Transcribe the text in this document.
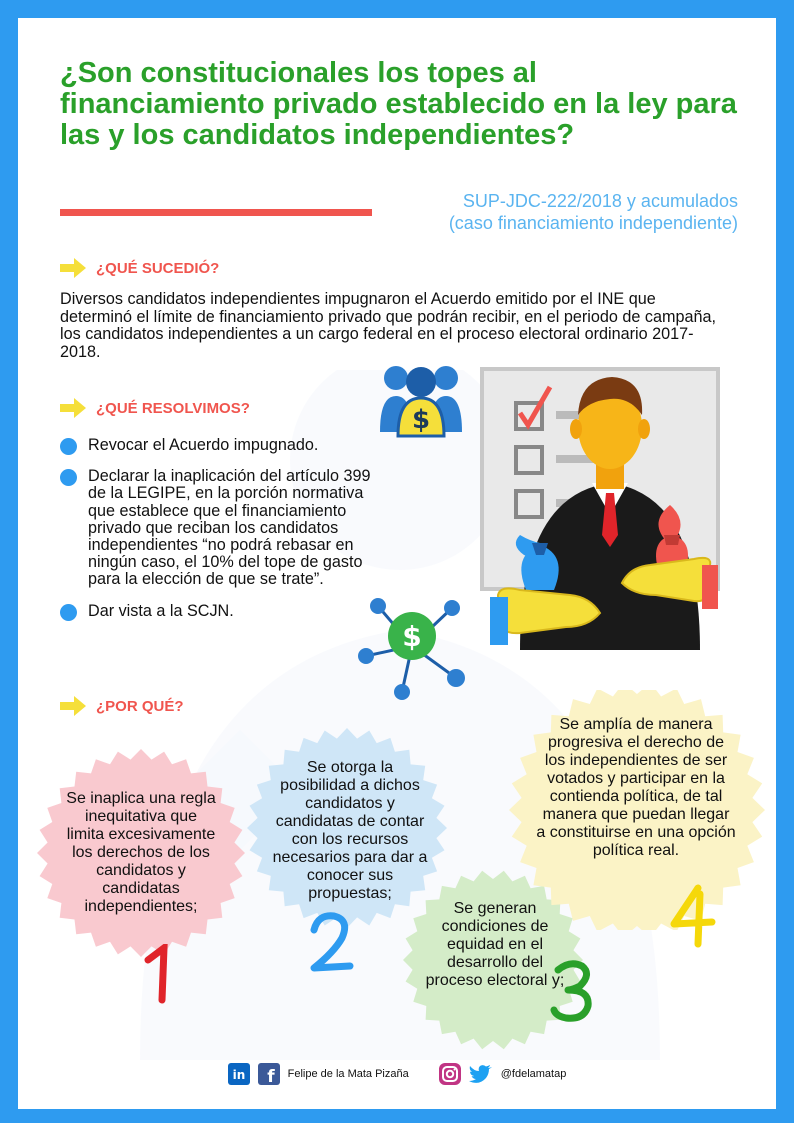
¿Son constitucionales los topes al financiamiento privado establecido en la ley para las y los candidatos independientes?
SUP-JDC-222/2018 y acumulados
(caso financiamiento independiente)
¿QUÉ SUCEDIÓ?

Diversos candidatos independientes impugnaron el Acuerdo emitido por el INE que determinó el límite de financiamiento privado que podrán recibir, en el periodo de campaña, los candidatos independientes a un cargo federal en el proceso electoral ordinario 2017-2018.

¿QUÉ RESOLVIMOS?
Revocar el Acuerdo impugnado.
Declarar la inaplicación del artículo 399 de la LEGIPE, en la porción normativa que establece que el financiamiento privado que reciban los candidatos independientes “no podrá rebasar en ningún caso, el 10% del tope de gasto para la elección de que se trate”.
Dar vista a la SCJN.
$
$
¿POR QUÉ?
Se inaplica una regla inequitativa que limita excesivamente los derechos de los candidatos y candidatas independientes;
1
Se otorga la posibilidad a dichos candidatos y candidatas de contar con los recursos necesarios para dar a conocer sus propuestas;
2	Se generan condiciones de equidad en el desarrollo del proceso electoral y;
3
Se amplía de manera progresiva el derecho de los independientes de ser votados y participar en la contienda política, de tal manera que puedan llegar a constituirse en una opción política real.
4
in f Felipe de la Mata Pizaña	@fdelamatap
